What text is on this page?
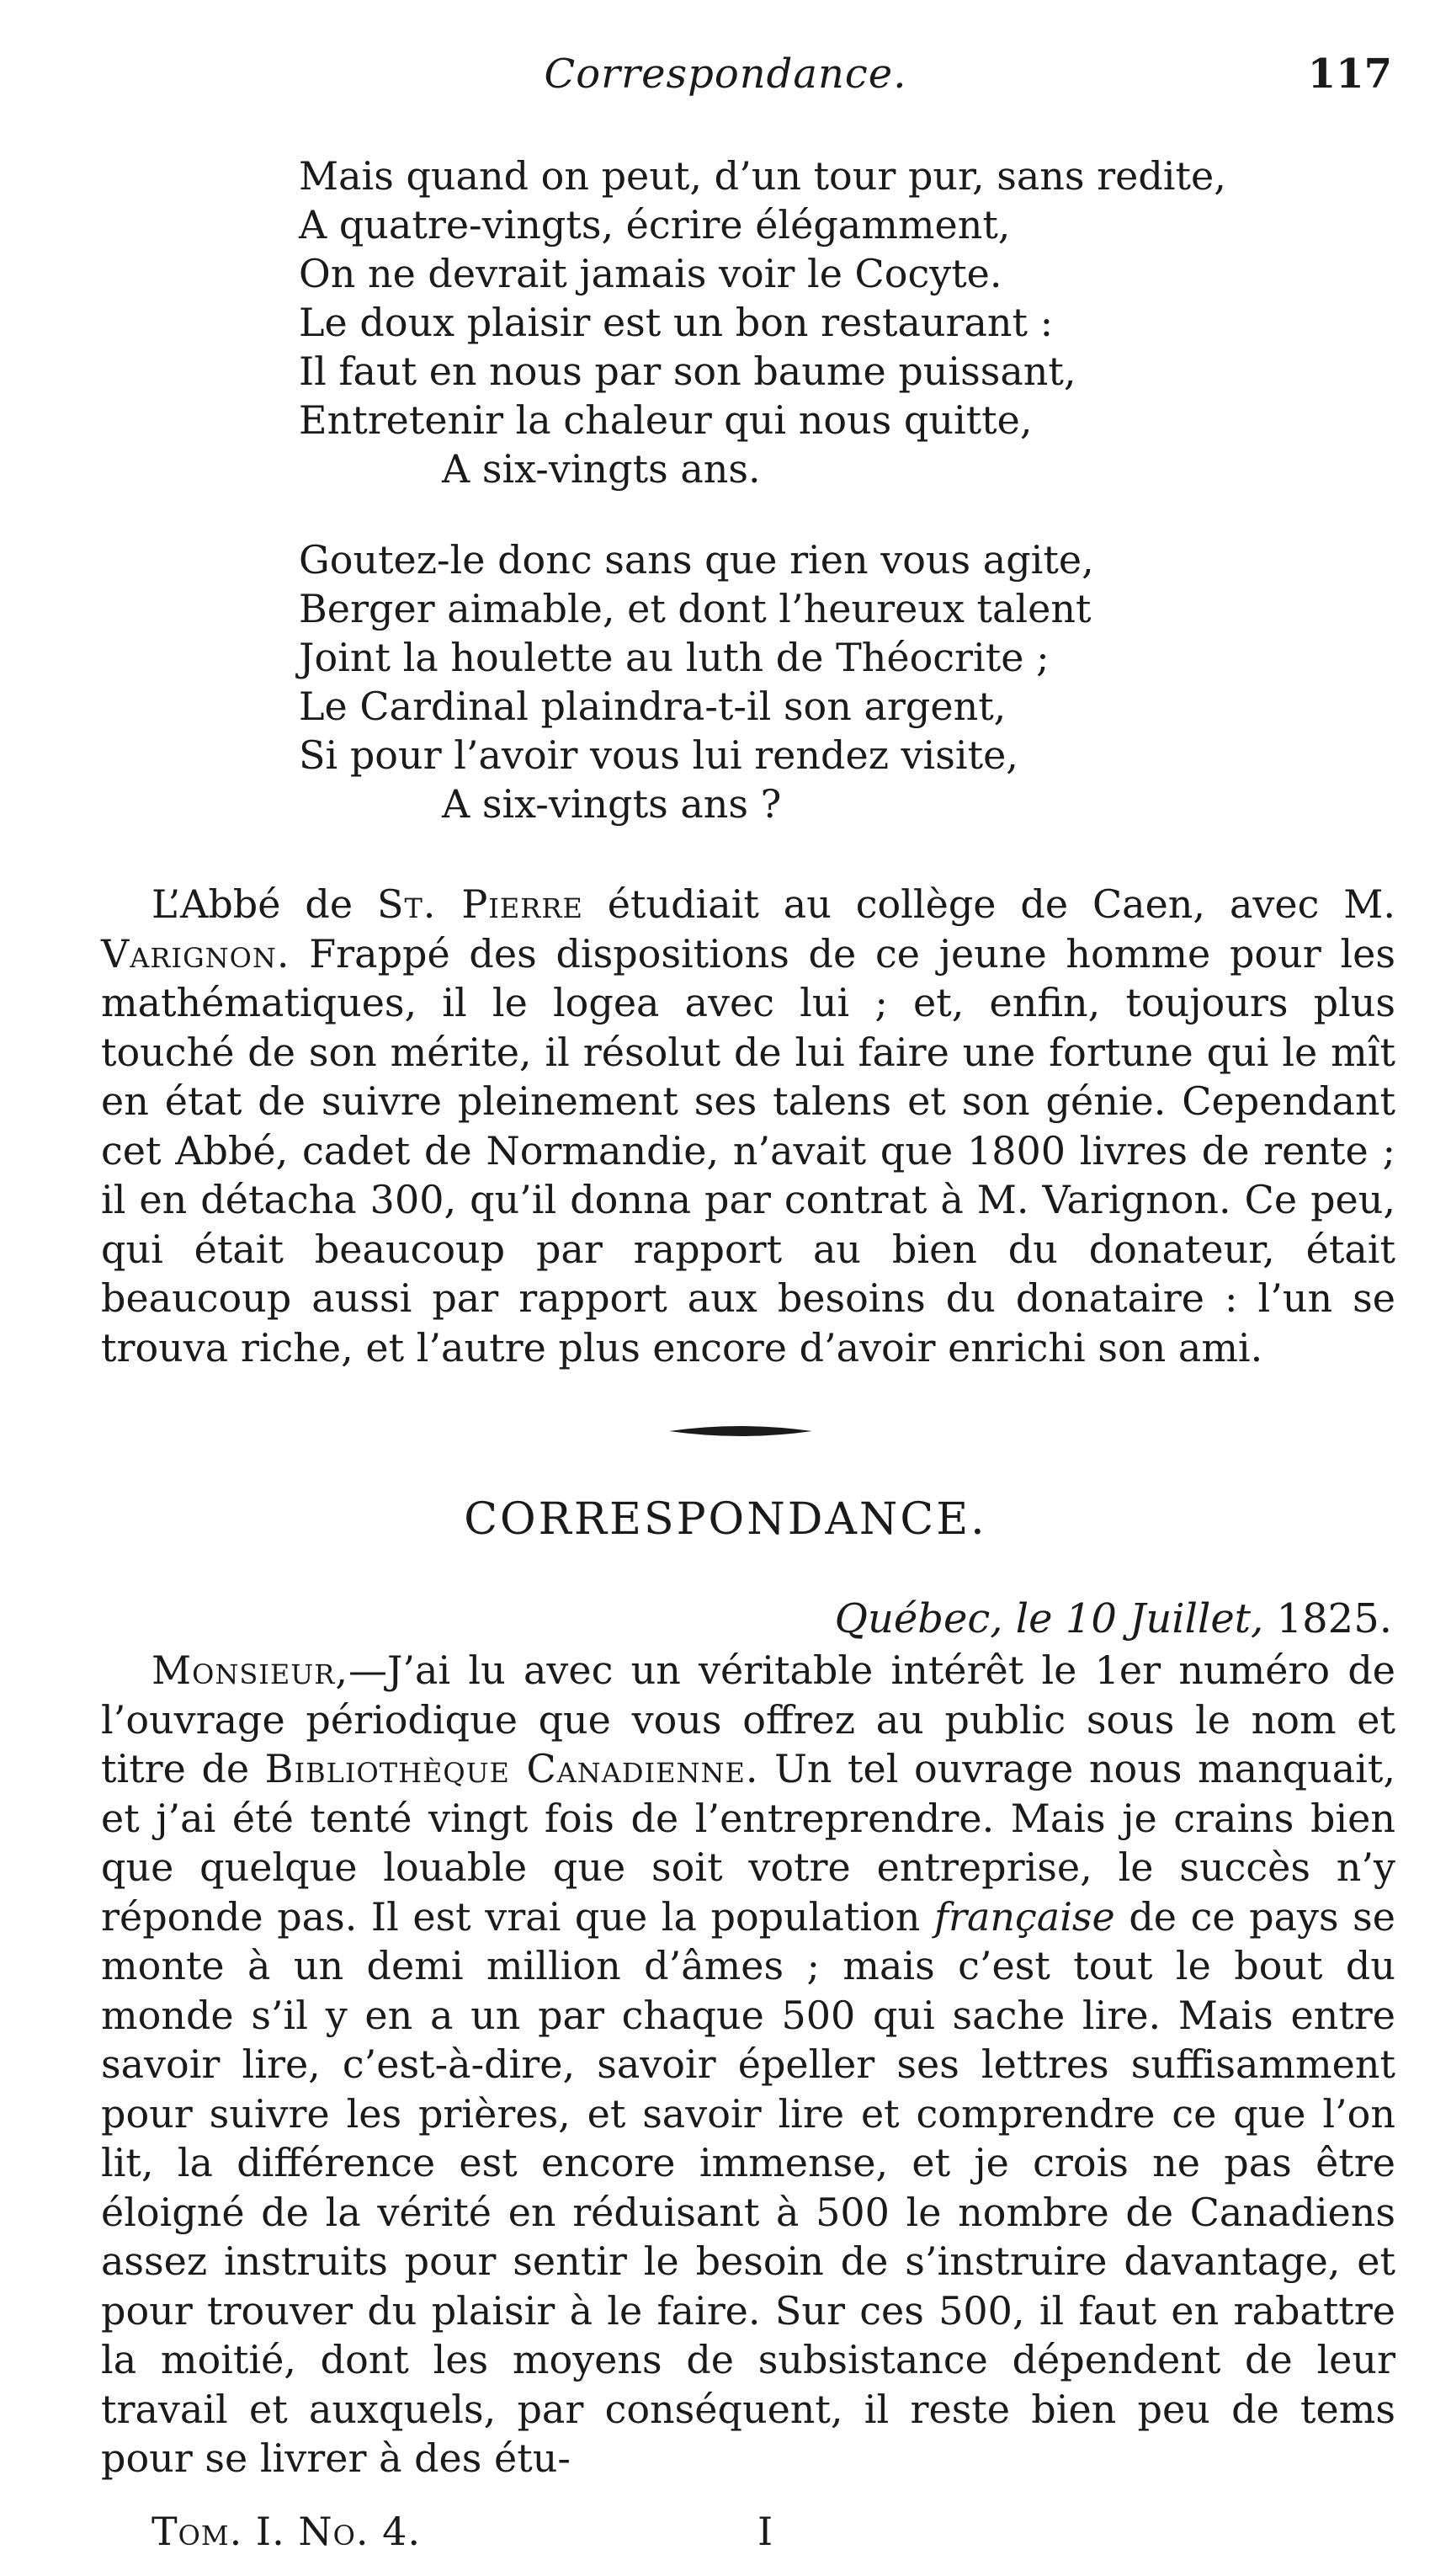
Correspondance.	117
Mais quand on peut, d’un tour pur, sans redite,
A quatre-vingts, écrire élégamment,
On ne devrait jamais voir le Cocyte.
Le doux plaisir est un bon restaurant :
Il faut en nous par son baume puissant,
Entretenir la chaleur qui nous quitte,
A six-vingts ans.
Goutez-le donc sans que rien vous agite,
Berger aimable, et dont l’heureux talent
Joint la houlette au luth de Théocrite ;
Le Cardinal plaindra-t-il son argent,
Si pour l’avoir vous lui rendez visite,
A six-vingts ans ?

L’Abbé de St. Pierre étudiait au collège de Caen, avec M. Varignon. Frappé des dispositions de ce jeune homme pour les mathématiques, il le logea avec lui ; et, enfin, toujours plus touché de son mérite, il résolut de lui faire une fortune qui le mît en état de suivre pleinement ses talens et son génie. Cependant cet Abbé, cadet de Normandie, n’avait que 1800 livres de rente ; il en détacha 300, qu’il donna par contrat à M. Varignon. Ce peu, qui était beaucoup par rapport au bien du donateur, était beaucoup aussi par rapport aux besoins du donataire : l’un se trouva riche, et l’autre plus encore d’avoir enrichi son ami.

CORRESPONDANCE.
Québec, le 10 Juillet, 1825.

Monsieur,—J’ai lu avec un véritable intérêt le 1er numéro de l’ouvrage périodique que vous offrez au public sous le nom et titre de Bibliothèque Canadienne. Un tel ouvrage nous manquait, et j’ai été tenté vingt fois de l’entreprendre. Mais je crains bien que quelque louable que soit votre entreprise, le succès n’y réponde pas. Il est vrai que la population française de ce pays se monte à un demi million d’âmes ; mais c’est tout le bout du monde s’il y en a un par chaque 500 qui sache lire. Mais entre savoir lire, c’est-à-dire, savoir épeller ses lettres suffisamment pour suivre les prières, et savoir lire et comprendre ce que l’on lit, la différence est encore immense, et je crois ne pas être éloigné de la vérité en réduisant à 500 le nombre de Canadiens assez instruits pour sentir le besoin de s’instruire davantage, et pour trouver du plaisir à le faire. Sur ces 500, il faut en rabattre la moitié, dont les moyens de subsistance dépendent de leur travail et auxquels, par conséquent, il reste bien peu de tems pour se livrer à des étu-

Tom. I. No. 4.	I
